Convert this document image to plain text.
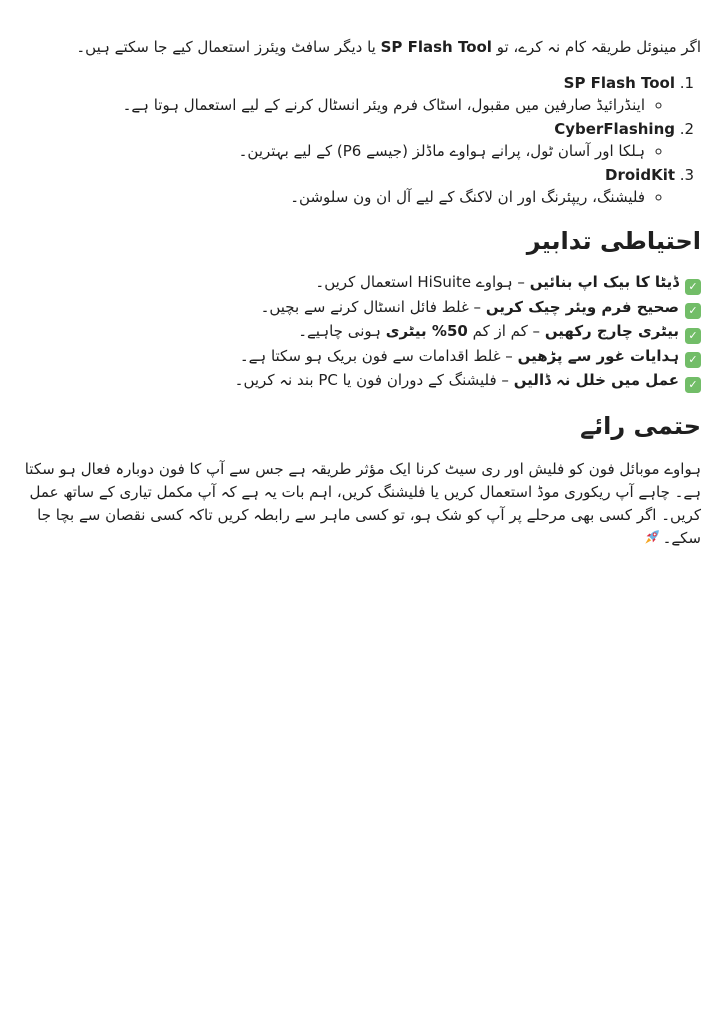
اگر مینوئل طریقہ کام نہ کرے، تو SP Flash Tool یا دیگر سافٹ ویئرز استعمال کیے جا سکتے ہیں۔

1. SP Flash Tool
◦ اینڈرائیڈ صارفین میں مقبول، اسٹاک فرم ویئر انسٹال کرنے کے لیے استعمال ہوتا ہے۔
2. CyberFlashing
◦ ہلکا اور آسان ٹول، پرانے ہواوے ماڈلز (جیسے P6) کے لیے بہترین۔
3. DroidKit
◦ فلیشنگ، ریپئرنگ اور ان لاکنگ کے لیے آل ان ون سلوشن۔
احتیاطی تدابیر

✓ڈیٹا کا بیک اپ بنائیں – ہواوے HiSuite استعمال کریں۔

✓صحیح فرم ویئر چیک کریں – غلط فائل انسٹال کرنے سے بچیں۔

✓بیٹری چارج رکھیں – کم از کم 50% بیٹری ہونی چاہیے۔

✓ہدایات غور سے پڑھیں – غلط اقدامات سے فون بریک ہو سکتا ہے۔

✓عمل میں خلل نہ ڈالیں – فلیشنگ کے دوران فون یا PC بند نہ کریں۔

حتمی رائے

ہواوے موبائل فون کو فلیش اور ری سیٹ کرنا ایک مؤثر طریقہ ہے جس سے آپ کا فون دوبارہ فعال ہو سکتا ہے۔ چاہے آپ ریکوری موڈ استعمال کریں یا فلیشنگ کریں، اہم بات یہ ہے کہ آپ مکمل تیاری کے ساتھ عمل کریں۔ اگر کسی بھی مرحلے پر آپ کو شک ہو، تو کسی ماہر سے رابطہ کریں تاکہ کسی نقصان سے بچا جا سکے۔
